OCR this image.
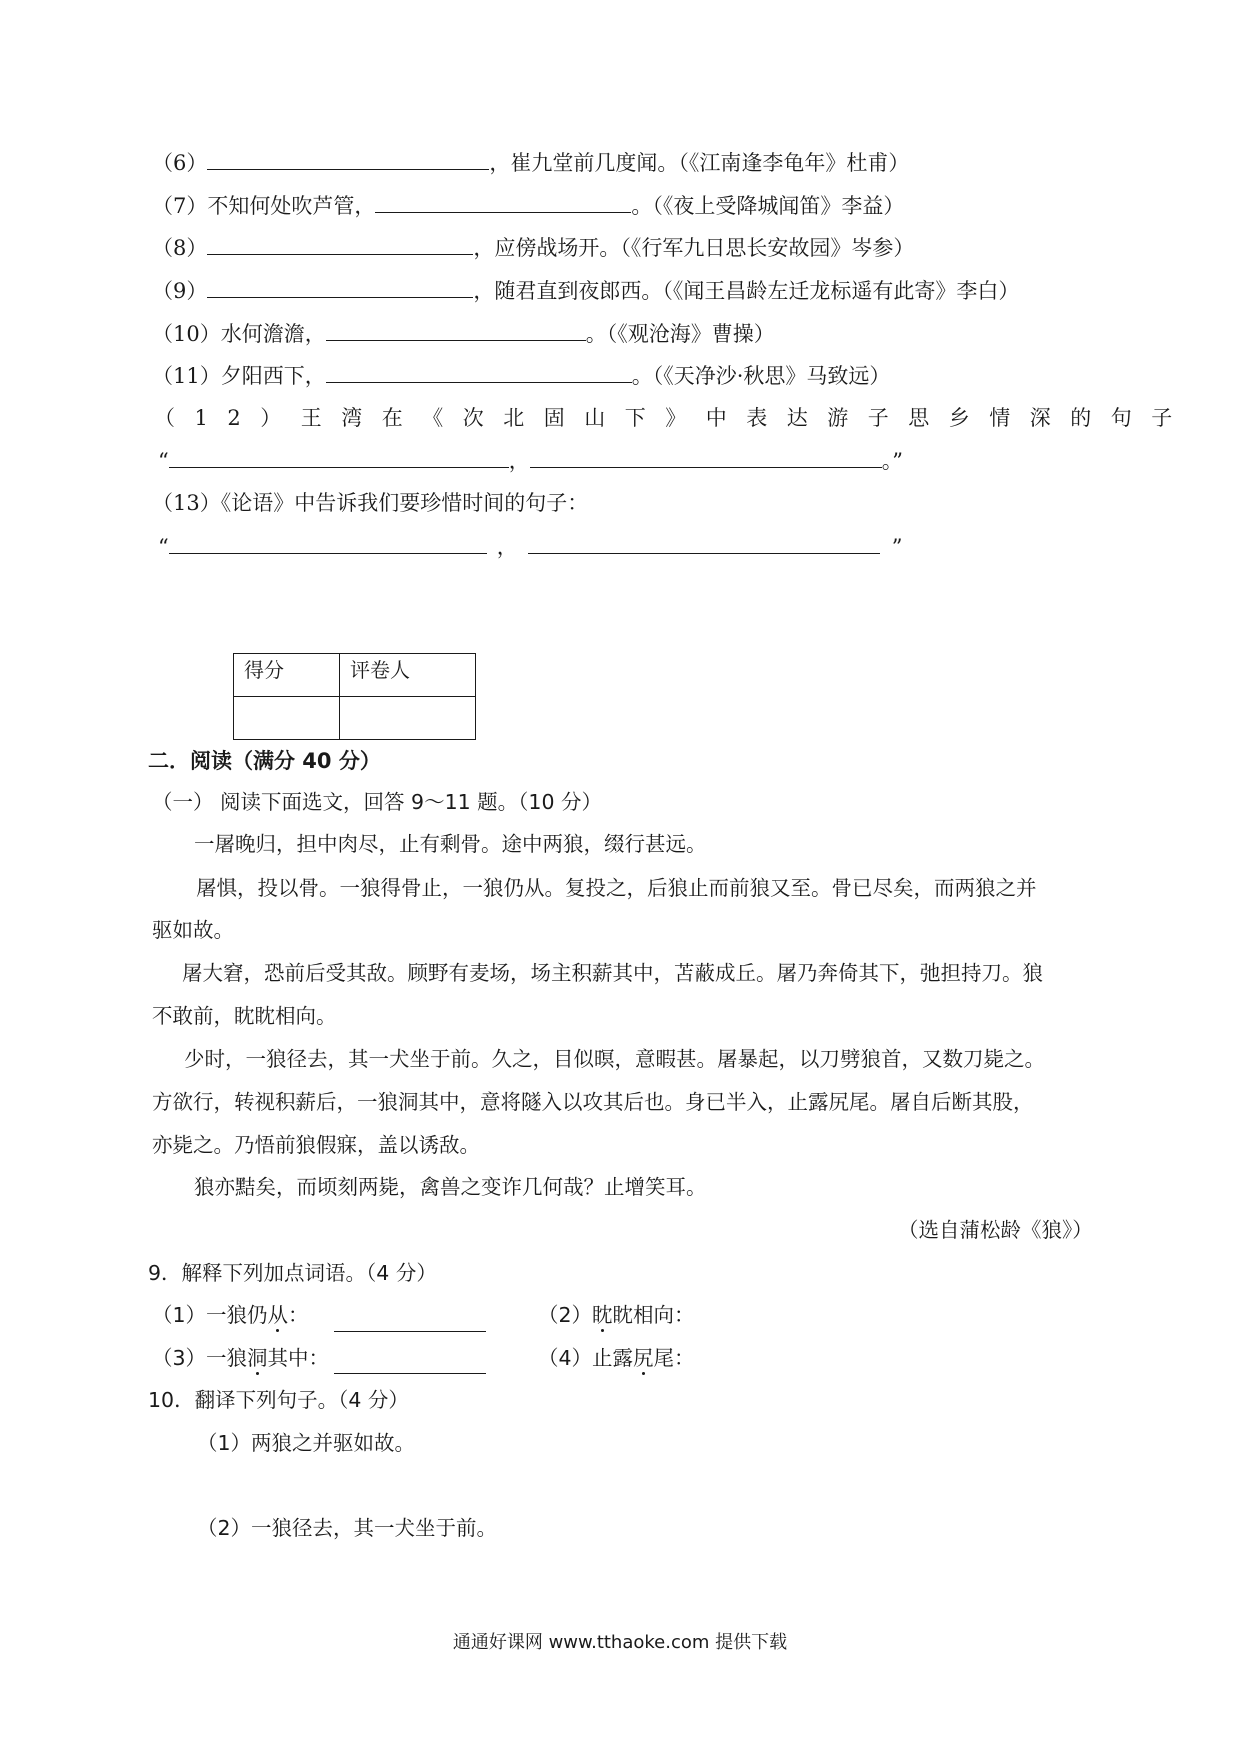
（6）	，崔九堂前几度闻。（《江南逢李龟年》杜甫）
（7）不知何处吹芦管，	。（《夜上受降城闻笛》李益）
（8）	，应傍战场开。（《行军九日思长安故园》岑参）
（9）	，随君直到夜郎西。（《闻王昌龄左迁龙标遥有此寄》李白）
（10）水何澹澹，	。（《观沧海》曹操）
（11）夕阳西下，	。（《天净沙·秋思》马致远）
（12）王湾在《次北固山下》中表达游子思乡情深的句子
“	，	。”
（13）《论语》中告诉我们要珍惜时间的句子：
“	，	”
得分	评卷人

二．阅读（满分 40 分）
（一） 阅读下面选文，回答 9～11 题。（10 分）
一屠晚归，担中肉尽，止有剩骨。途中两狼，缀行甚远。
屠惧，投以骨。一狼得骨止，一狼仍从。复投之，后狼止而前狼又至。骨已尽矣，而两狼之并
驱如故。
屠大窘，恐前后受其敌。顾野有麦场，场主积薪其中，苫蔽成丘。屠乃奔倚其下，弛担持刀。狼
不敢前，眈眈相向。
少时，一狼径去，其一犬坐于前。久之，目似暝，意暇甚。屠暴起，以刀劈狼首，又数刀毙之。
方欲行，转视积薪后，一狼洞其中，意将隧入以攻其后也。身已半入，止露尻尾。屠自后断其股，
亦毙之。乃悟前狼假寐，盖以诱敌。
狼亦黠矣，而顷刻两毙，禽兽之变诈几何哉？止增笑耳。
（选自蒲松龄《狼》）
9．解释下列加点词语。（4 分）
（1）一狼仍从：	（2）眈眈相向：
（3）一狼洞其中：	（4）止露尻尾：
10．翻译下列句子。（4 分）
（1）两狼之并驱如故。
（2）一狼径去，其一犬坐于前。
通通好课网 www.tthaoke.com 提供下载
